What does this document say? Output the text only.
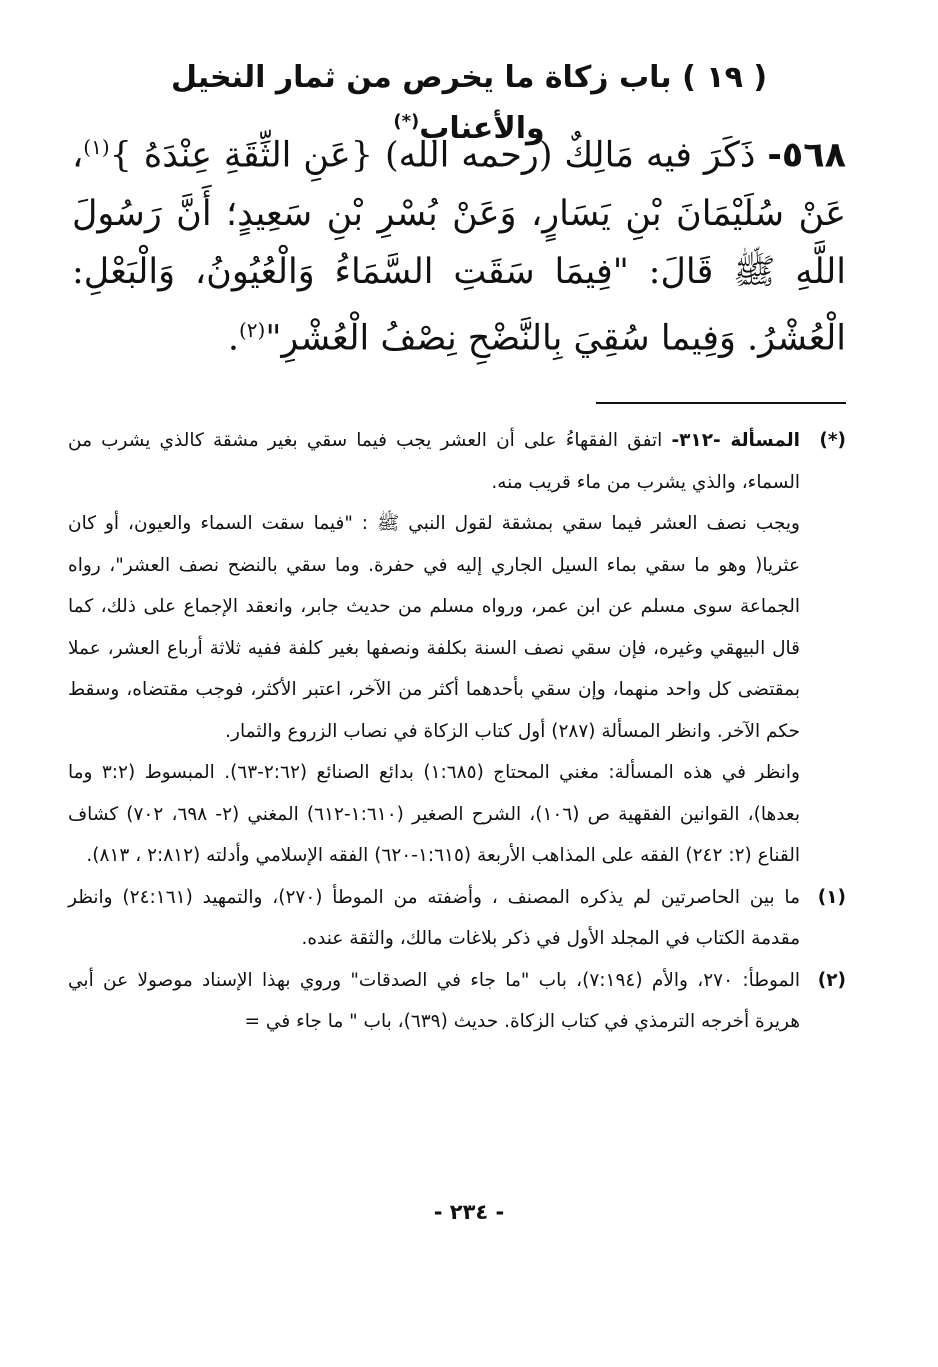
( ١٩ ) باب زكاة ما يخرص من ثمار النخيل والأعناب(*)
٥٦٨- ذَكَرَ فيه مَالِكٌ (رحمه الله) {عَنِ الثِّقَةِ عِنْدَهُ }$^{(١)}$، عَنْ سُلَيْمَانَ بْنِ يَسَارٍ، وَعَنْ بُسْرِ بْنِ سَعِيدٍ؛ أَنَّ رَسُولَ اللَّهِ ﷺ قَالَ: "فِيمَا سَقَتِ السَّمَاءُ وَالْعُيُونُ، وَالْبَعْلِ: الْعُشْرُ. وَفِيما سُقِيَ بِالنَّضْحِ نِصْفُ الْعُشْرِ"$^{(٢)}$.
(*)

المسألة -٣١٢- اتفق الفقهاءُ على أن العشر يجب فيما سقي بغير مشقة كالذي يشرب من السماء، والذي يشرب من ماء قريب منه.

ويجب نصف العشر فيما سقي بمشقة لقول النبي ﷺ : "فيما سقت السماء والعيون، أو كان عثريا( وهو ما سقي بماء السيل الجاري إليه في حفرة. وما سقي بالنضح نصف العشر"، رواه الجماعة سوى مسلم عن ابن عمر، ورواه مسلم من حديث جابر، وانعقد الإجماع على ذلك، كما قال البيهقي وغيره، فإن سقي نصف السنة بكلفة ونصفها بغير كلفة ففيه ثلاثة أرباع العشر، عملا بمقتضى كل واحد منهما، وإن سقي بأحدهما أكثر من الآخر، اعتبر الأكثر، فوجب مقتضاه، وسقط حكم الآخر. وانظر المسألة (٢٨٧) أول كتاب الزكاة في نصاب الزروع والثمار.

وانظر في هذه المسألة: مغني المحتاج (١:٦٨٥) بدائع الصنائع (٢:٦٢-٦٣). المبسوط (٣:٢ وما بعدها)، القوانين الفقهية ص (١٠٦)، الشرح الصغير (١:٦١٠-٦١٢) المغني (٢- ٦٩٨، ٧٠٢) كشاف القناع (٢: ٢٤٢) الفقه على المذاهب الأربعة (١:٦١٥-٦٢٠) الفقه الإسلامي وأدلته (٢:٨١٢ ، ٨١٣).

(١)

ما بين الحاصرتين لم يذكره المصنف ، وأضفته من الموطأ (٢٧٠)، والتمهيد (٢٤:١٦١) وانظر مقدمة الكتاب في المجلد الأول في ذكر بلاغات مالك، والثقة عنده.

(٢)

الموطأ: ٢٧٠، والأم (٧:١٩٤)، باب "ما جاء في الصدقات" وروي بهذا الإسناد موصولا عن أبي هريرة أخرجه الترمذي في كتاب الزكاة. حديث (٦٣٩)، باب " ما جاء في =

- ٢٣٤ -
